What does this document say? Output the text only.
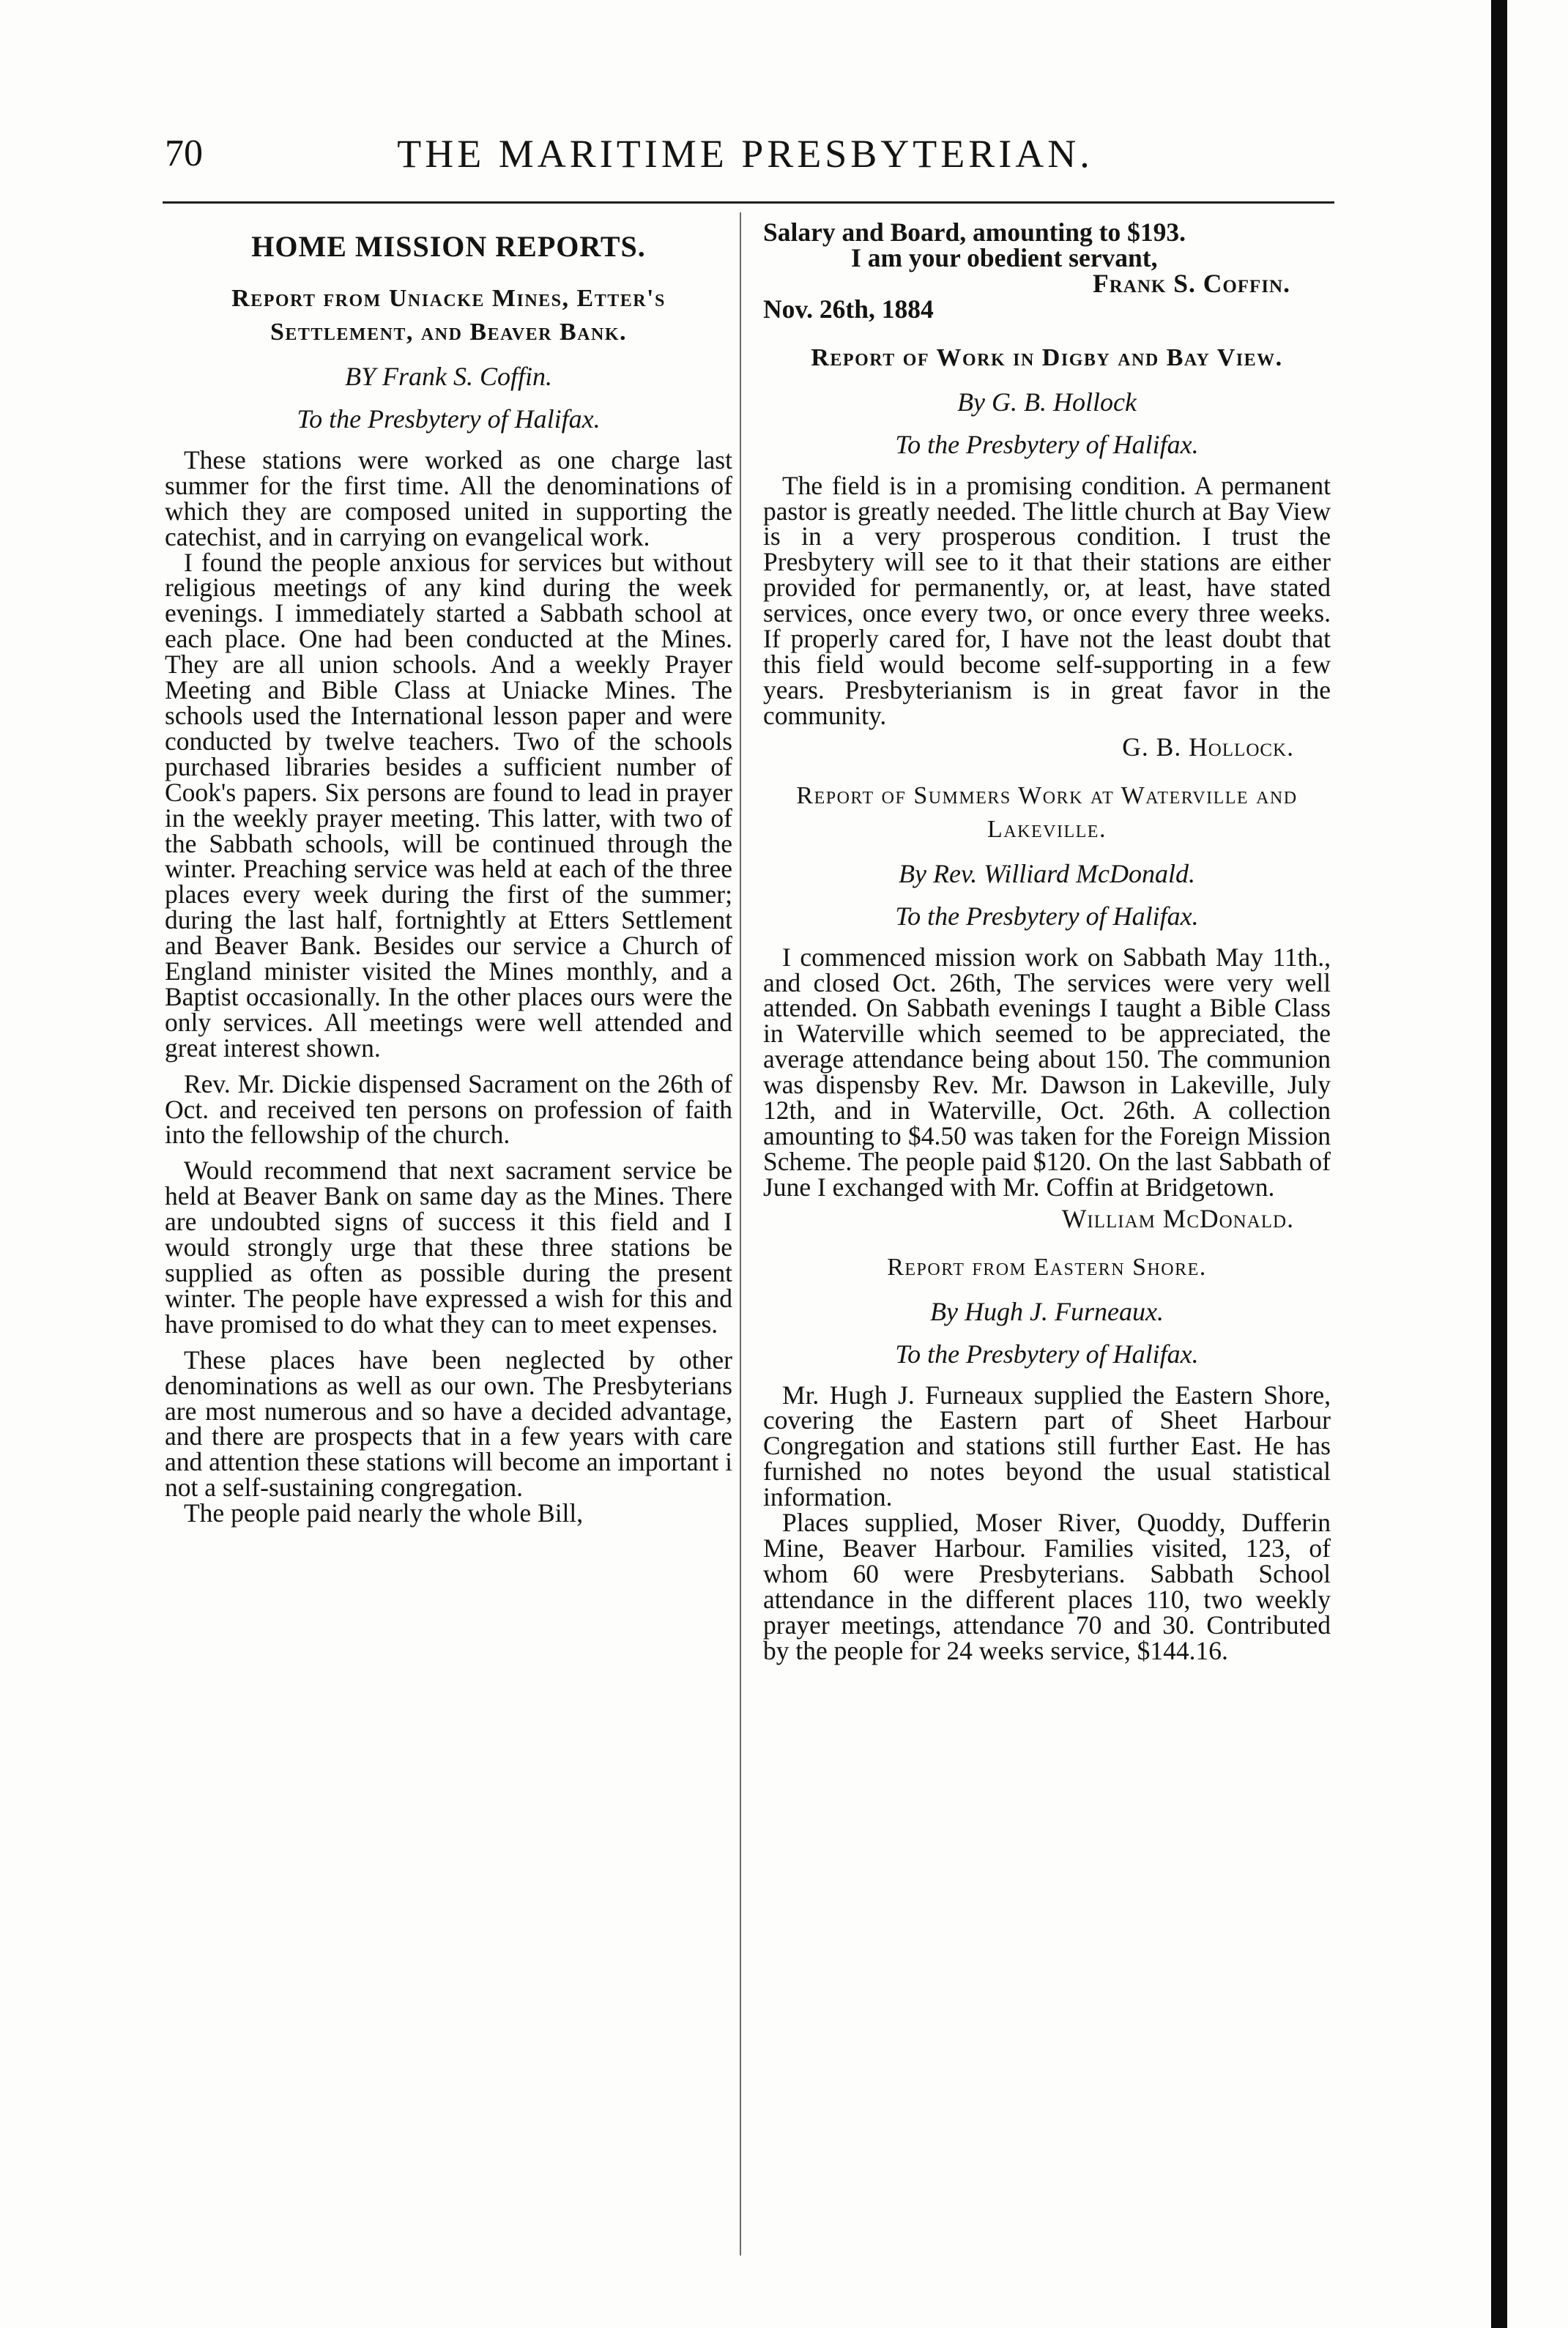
70	THE MARITIME PRESBYTERIAN.
HOME MISSION REPORTS.
Report from Uniacke Mines, Etter's Settlement, and Beaver Bank.
BY Frank S. Coffin.
To the Presbytery of Halifax.

These stations were worked as one charge last summer for the first time. All the denominations of which they are composed united in supporting the catechist, and in carrying on evangelical work.

I found the people anxious for services but without religious meetings of any kind during the week evenings. I immediately started a Sabbath school at each place. One had been conducted at the Mines. They are all union schools. And a weekly Prayer Meeting and Bible Class at Uniacke Mines. The schools used the International lesson paper and were conducted by twelve teachers. Two of the schools purchased libraries besides a sufficient number of Cook's papers. Six persons are found to lead in prayer in the weekly prayer meeting. This latter, with two of the Sabbath schools, will be continued through the winter. Preaching service was held at each of the three places every week during the first of the summer; during the last half, fortnightly at Etters Settlement and Beaver Bank. Besides our service a Church of England minister visited the Mines monthly, and a Baptist occasionally. In the other places ours were the only services. All meetings were well attended and great interest shown.

Rev. Mr. Dickie dispensed Sacrament on the 26th of Oct. and received ten persons on profession of faith into the fellowship of the church.

Would recommend that next sacrament service be held at Beaver Bank on same day as the Mines. There are undoubted signs of success it this field and I would strongly urge that these three stations be supplied as often as possible during the present winter. The people have expressed a wish for this and have promised to do what they can to meet expenses.

These places have been neglected by other denominations as well as our own. The Presbyterians are most numerous and so have a decided advantage, and there are prospects that in a few years with care and attention these stations will become an important i not a self-sustaining congregation.

The people paid nearly the whole Bill,

Salary and Board, amounting to $193.

I am your obedient servant,

Frank S. Coffin.

Nov. 26th, 1884

Report of Work in Digby and Bay View.
By G. B. Hollock
To the Presbytery of Halifax.

The field is in a promising condition. A permanent pastor is greatly needed. The little church at Bay View is in a very prosperous condition. I trust the Presbytery will see to it that their stations are either provided for permanently, or, at least, have stated services, once every two, or once every three weeks. If properly cared for, I have not the least doubt that this field would become self-supporting in a few years. Presbyterianism is in great favor in the community.

G. B. Hollock.
Report of Summers Work at Waterville and Lakeville.
By Rev. Williard McDonald.
To the Presbytery of Halifax.

I commenced mission work on Sabbath May 11th., and closed Oct. 26th, The services were very well attended. On Sabbath evenings I taught a Bible Class in Waterville which seemed to be appreciated, the average attendance being about 150. The communion was dispensby Rev. Mr. Dawson in Lakeville, July 12th, and in Waterville, Oct. 26th. A collection amounting to $4.50 was taken for the Foreign Mission Scheme. The people paid $120. On the last Sabbath of June I exchanged with Mr. Coffin at Bridgetown.

William McDonald.
Report from Eastern Shore.
By Hugh J. Furneaux.
To the Presbytery of Halifax.

Mr. Hugh J. Furneaux supplied the Eastern Shore, covering the Eastern part of Sheet Harbour Congregation and stations still further East. He has furnished no notes beyond the usual statistical information.

Places supplied, Moser River, Quoddy, Dufferin Mine, Beaver Harbour. Families visited, 123, of whom 60 were Presbyterians. Sabbath School attendance in the different places 110, two weekly prayer meetings, attendance 70 and 30. Contributed by the people for 24 weeks service, $144.16.
